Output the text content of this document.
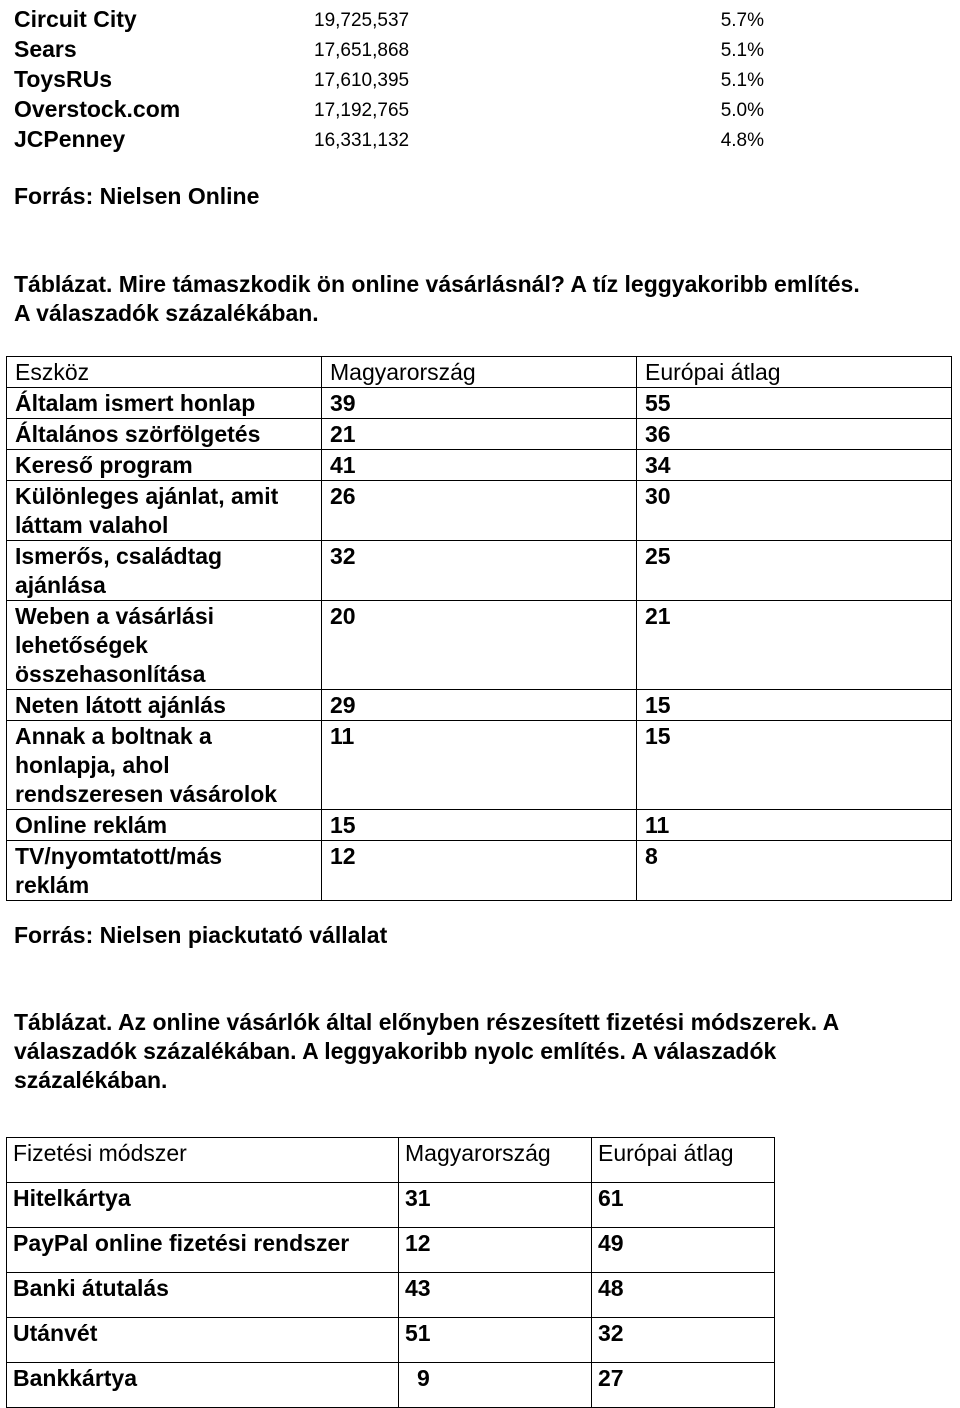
Circuit City	19,725,537	5.7%
Sears	17,651,868	5.1%
ToysRUs	17,610,395	5.1%
Overstock.com	17,192,765	5.0%
JCPenney	16,331,132	4.8%
Forrás: Nielsen Online
Táblázat. Mire támaszkodik ön online vásárlásnál? A tíz leggyakoribb említés.
A válaszadók százalékában.
Eszköz	Magyarország	Európai átlag
Általam ismert honlap	39	55
Általános szörfölgetés	21	36
Kereső program	41	34
Különleges ajánlat, amit láttam valahol	26	30
Ismerős, családtag ajánlása	32	25
Weben a vásárlási lehetőségek összehasonlítása	20	21
Neten látott ajánlás	29	15
Annak a boltnak a honlapja, ahol rendszeresen vásárolok	11	15
Online reklám	15	11
TV/nyomtatott/más reklám	12	8
Forrás: Nielsen piackutató vállalat
Táblázat. Az online vásárlók által előnyben részesített fizetési módszerek. A
válaszadók százalékában. A leggyakoribb nyolc említés. A válaszadók
százalékában.
Fizetési módszer	Magyarország	Európai átlag
Hitelkártya	31	61
PayPal online fizetési rendszer	12	49
Banki átutalás	43	48
Utánvét	51	32
Bankkártya	9	27
